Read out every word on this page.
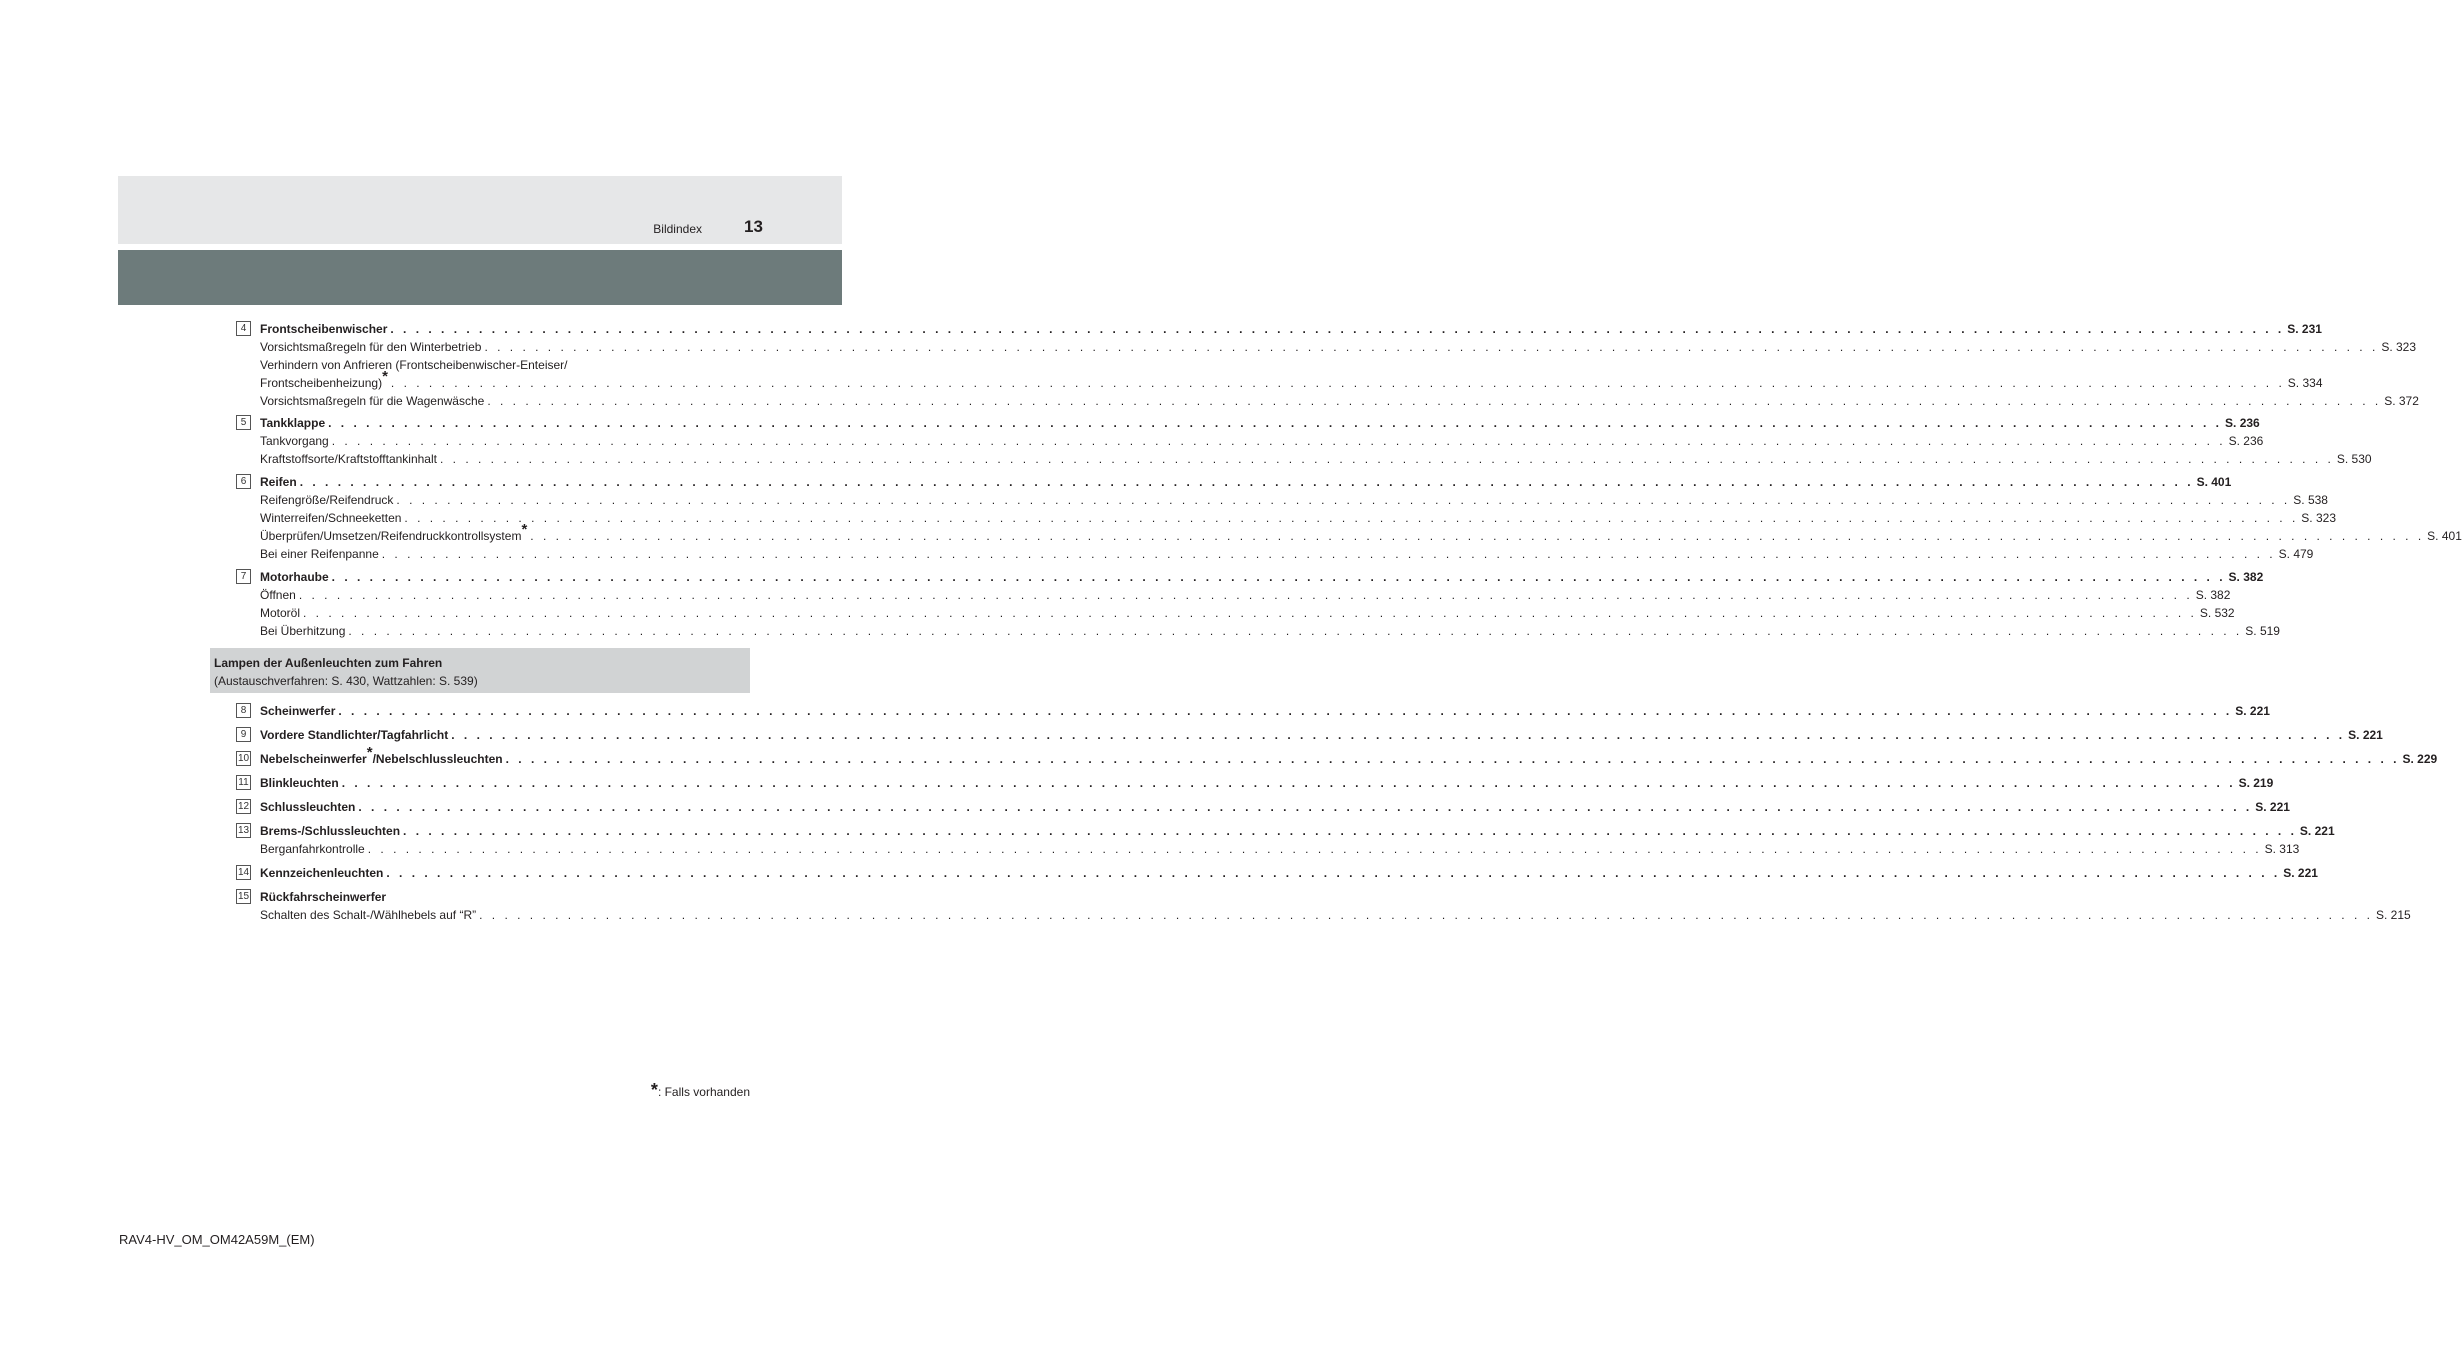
Bildindex 13
4	Frontscheibenwischer . . . . . . . . . . . . . . . . . . . . . . . . . . . . . . . . . . . . . . . . . . . . . . . . . . . . . . . . . . . . . . . . . . . . . . . . . . . . . . . . . . . . . . . . . . . . . . . . . . . . . . . . . . . . . . . . . . . . . . . . . . . . . . . . . . . . . . . . . . . . . . . . . . . . . . S. 231
Vorsichtsmaßregeln für den Winterbetrieb . . . . . . . . . . . . . . . . . . . . . . . . . . . . . . . . . . . . . . . . . . . . . . . . . . . . . . . . . . . . . . . . . . . . . . . . . . . . . . . . . . . . . . . . . . . . . . . . . . . . . . . . . . . . . . . . . . . . . . . . . . . . . . . . . . . . . . . . . . . . . . . . . . . . . . S. 323
Verhindern von Anfrieren (Frontscheibenwischer-Enteiser/
Frontscheibenheizung)* . . . . . . . . . . . . . . . . . . . . . . . . . . . . . . . . . . . . . . . . . . . . . . . . . . . . . . . . . . . . . . . . . . . . . . . . . . . . . . . . . . . . . . . . . . . . . . . . . . . . . . . . . . . . . . . . . . . . . . . . . . . . . . . . . . . . . . . . . . . . . . . . . . . . . . S. 334
Vorsichtsmaßregeln für die Wagenwäsche . . . . . . . . . . . . . . . . . . . . . . . . . . . . . . . . . . . . . . . . . . . . . . . . . . . . . . . . . . . . . . . . . . . . . . . . . . . . . . . . . . . . . . . . . . . . . . . . . . . . . . . . . . . . . . . . . . . . . . . . . . . . . . . . . . . . . . . . . . . . . . . . . . . . . . S. 372
5	Tankklappe . . . . . . . . . . . . . . . . . . . . . . . . . . . . . . . . . . . . . . . . . . . . . . . . . . . . . . . . . . . . . . . . . . . . . . . . . . . . . . . . . . . . . . . . . . . . . . . . . . . . . . . . . . . . . . . . . . . . . . . . . . . . . . . . . . . . . . . . . . . . . . . . . . . . . . S. 236
Tankvorgang . . . . . . . . . . . . . . . . . . . . . . . . . . . . . . . . . . . . . . . . . . . . . . . . . . . . . . . . . . . . . . . . . . . . . . . . . . . . . . . . . . . . . . . . . . . . . . . . . . . . . . . . . . . . . . . . . . . . . . . . . . . . . . . . . . . . . . . . . . . . . . . . . . . . . . S. 236
Kraftstoffsorte/Kraftstofftankinhalt . . . . . . . . . . . . . . . . . . . . . . . . . . . . . . . . . . . . . . . . . . . . . . . . . . . . . . . . . . . . . . . . . . . . . . . . . . . . . . . . . . . . . . . . . . . . . . . . . . . . . . . . . . . . . . . . . . . . . . . . . . . . . . . . . . . . . . . . . . . . . . . . . . . . . . S. 530
6	Reifen . . . . . . . . . . . . . . . . . . . . . . . . . . . . . . . . . . . . . . . . . . . . . . . . . . . . . . . . . . . . . . . . . . . . . . . . . . . . . . . . . . . . . . . . . . . . . . . . . . . . . . . . . . . . . . . . . . . . . . . . . . . . . . . . . . . . . . . . . . . . . . . . . . . . . . S. 401
Reifengröße/Reifendruck . . . . . . . . . . . . . . . . . . . . . . . . . . . . . . . . . . . . . . . . . . . . . . . . . . . . . . . . . . . . . . . . . . . . . . . . . . . . . . . . . . . . . . . . . . . . . . . . . . . . . . . . . . . . . . . . . . . . . . . . . . . . . . . . . . . . . . . . . . . . . . . . . . . . . . S. 538
Winterreifen/Schneeketten . . . . . . . . . . . . . . . . . . . . . . . . . . . . . . . . . . . . . . . . . . . . . . . . . . . . . . . . . . . . . . . . . . . . . . . . . . . . . . . . . . . . . . . . . . . . . . . . . . . . . . . . . . . . . . . . . . . . . . . . . . . . . . . . . . . . . . . . . . . . . . . . . . . . . . S. 323
Überprüfen/Umsetzen/Reifendruckkontrollsystem* . . . . . . . . . . . . . . . . . . . . . . . . . . . . . . . . . . . . . . . . . . . . . . . . . . . . . . . . . . . . . . . . . . . . . . . . . . . . . . . . . . . . . . . . . . . . . . . . . . . . . . . . . . . . . . . . . . . . . . . . . . . . . . . . . . . . . . . . . . . . . . . . . . . . . . S. 401
Bei einer Reifenpanne . . . . . . . . . . . . . . . . . . . . . . . . . . . . . . . . . . . . . . . . . . . . . . . . . . . . . . . . . . . . . . . . . . . . . . . . . . . . . . . . . . . . . . . . . . . . . . . . . . . . . . . . . . . . . . . . . . . . . . . . . . . . . . . . . . . . . . . . . . . . . . . . . . . . . . S. 479
7	Motorhaube . . . . . . . . . . . . . . . . . . . . . . . . . . . . . . . . . . . . . . . . . . . . . . . . . . . . . . . . . . . . . . . . . . . . . . . . . . . . . . . . . . . . . . . . . . . . . . . . . . . . . . . . . . . . . . . . . . . . . . . . . . . . . . . . . . . . . . . . . . . . . . . . . . . . . . S. 382
Öffnen . . . . . . . . . . . . . . . . . . . . . . . . . . . . . . . . . . . . . . . . . . . . . . . . . . . . . . . . . . . . . . . . . . . . . . . . . . . . . . . . . . . . . . . . . . . . . . . . . . . . . . . . . . . . . . . . . . . . . . . . . . . . . . . . . . . . . . . . . . . . . . . . . . . . . . S. 382
Motoröl . . . . . . . . . . . . . . . . . . . . . . . . . . . . . . . . . . . . . . . . . . . . . . . . . . . . . . . . . . . . . . . . . . . . . . . . . . . . . . . . . . . . . . . . . . . . . . . . . . . . . . . . . . . . . . . . . . . . . . . . . . . . . . . . . . . . . . . . . . . . . . . . . . . . . . S. 532
Bei Überhitzung . . . . . . . . . . . . . . . . . . . . . . . . . . . . . . . . . . . . . . . . . . . . . . . . . . . . . . . . . . . . . . . . . . . . . . . . . . . . . . . . . . . . . . . . . . . . . . . . . . . . . . . . . . . . . . . . . . . . . . . . . . . . . . . . . . . . . . . . . . . . . . . . . . . . . . S. 519
8	Scheinwerfer . . . . . . . . . . . . . . . . . . . . . . . . . . . . . . . . . . . . . . . . . . . . . . . . . . . . . . . . . . . . . . . . . . . . . . . . . . . . . . . . . . . . . . . . . . . . . . . . . . . . . . . . . . . . . . . . . . . . . . . . . . . . . . . . . . . . . . . . . . . . . . . . . . . . . . S. 221
9	Vordere Standlichter/Tagfahrlicht . . . . . . . . . . . . . . . . . . . . . . . . . . . . . . . . . . . . . . . . . . . . . . . . . . . . . . . . . . . . . . . . . . . . . . . . . . . . . . . . . . . . . . . . . . . . . . . . . . . . . . . . . . . . . . . . . . . . . . . . . . . . . . . . . . . . . . . . . . . . . . . . . . . . . . S. 221
10 Nebelscheinwerfer*/Nebelschlussleuchten . . . . . . . . . . . . . . . . . . . . . . . . . . . . . . . . . . . . . . . . . . . . . . . . . . . . . . . . . . . . . . . . . . . . . . . . . . . . . . . . . . . . . . . . . . . . . . . . . . . . . . . . . . . . . . . . . . . . . . . . . . . . . . . . . . . . . . . . . . . . . . . . . . . . . . S. 229
11 Blinkleuchten . . . . . . . . . . . . . . . . . . . . . . . . . . . . . . . . . . . . . . . . . . . . . . . . . . . . . . . . . . . . . . . . . . . . . . . . . . . . . . . . . . . . . . . . . . . . . . . . . . . . . . . . . . . . . . . . . . . . . . . . . . . . . . . . . . . . . . . . . . . . . . . . . . . . . . S. 219
12 Schlussleuchten . . . . . . . . . . . . . . . . . . . . . . . . . . . . . . . . . . . . . . . . . . . . . . . . . . . . . . . . . . . . . . . . . . . . . . . . . . . . . . . . . . . . . . . . . . . . . . . . . . . . . . . . . . . . . . . . . . . . . . . . . . . . . . . . . . . . . . . . . . . . . . . . . . . . . . S. 221
13 Brems-/Schlussleuchten . . . . . . . . . . . . . . . . . . . . . . . . . . . . . . . . . . . . . . . . . . . . . . . . . . . . . . . . . . . . . . . . . . . . . . . . . . . . . . . . . . . . . . . . . . . . . . . . . . . . . . . . . . . . . . . . . . . . . . . . . . . . . . . . . . . . . . . . . . . . . . . . . . . . . . S. 221
Berganfahrkontrolle . . . . . . . . . . . . . . . . . . . . . . . . . . . . . . . . . . . . . . . . . . . . . . . . . . . . . . . . . . . . . . . . . . . . . . . . . . . . . . . . . . . . . . . . . . . . . . . . . . . . . . . . . . . . . . . . . . . . . . . . . . . . . . . . . . . . . . . . . . . . . . . . . . . . . . S. 313
14 Kennzeichenleuchten . . . . . . . . . . . . . . . . . . . . . . . . . . . . . . . . . . . . . . . . . . . . . . . . . . . . . . . . . . . . . . . . . . . . . . . . . . . . . . . . . . . . . . . . . . . . . . . . . . . . . . . . . . . . . . . . . . . . . . . . . . . . . . . . . . . . . . . . . . . . . . . . . . . . . . S. 221
15 Rückfahrscheinwerfer
Schalten des Schalt-/Wählhebels auf “R” . . . . . . . . . . . . . . . . . . . . . . . . . . . . . . . . . . . . . . . . . . . . . . . . . . . . . . . . . . . . . . . . . . . . . . . . . . . . . . . . . . . . . . . . . . . . . . . . . . . . . . . . . . . . . . . . . . . . . . . . . . . . . . . . . . . . . . . . . . . . . . . . . . . . . . S. 215
Lampen der Außenleuchten zum Fahren
(Austauschverfahren: S. 430, Wattzahlen: S. 539)
*: Falls vorhanden
RAV4-HV_OM_OM42A59M_(EM)
